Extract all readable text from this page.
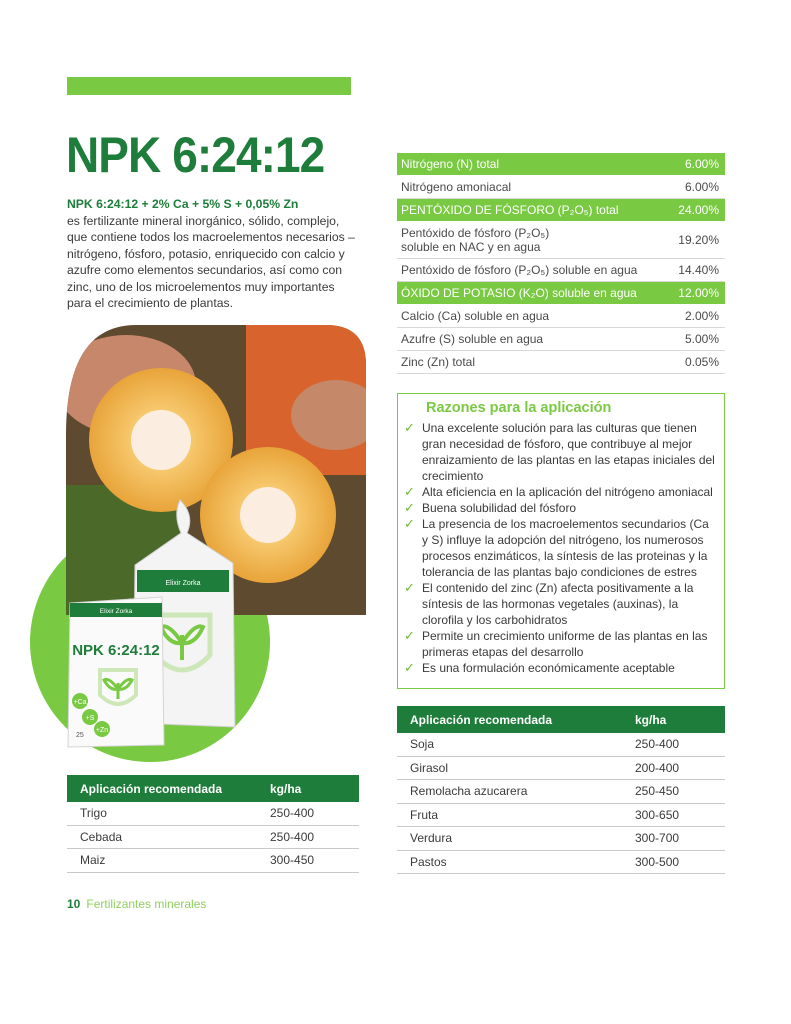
NPK 6:24:12
NPK 6:24:12 + 2% Ca + 5% S + 0,05% Zn
es fertilizante mineral inorgánico, sólido, complejo, que contiene todos los macroelementos necesarios – nitrógeno, fósforo, potasio, enriquecido con calcio y azufre como elementos secundarios, así como con zinc, uno de los microelementos muy importantes para el crecimiento de plantas.
Elixir Zorka
Elixir Zorka
NPK 6:24:12
+Ca
+S
+Zn
25
Nitrógeno (N) total	6.00%
Nitrógeno amoniacal	6.00%
PENTÓXIDO DE FÓSFORO (P₂O₅) total	24.00%
Pentóxido de fósforo (P₂O₅) soluble en NAC y en agua	19.20%
Pentóxido de fósforo (P₂O₅) soluble en agua	14.40%
ÓXIDO DE POTASIO (K₂O) soluble en agua	12.00%
Calcio (Ca) soluble en agua	2.00%
Azufre (S) soluble en agua	5.00%
Zinc (Zn) total	0.05%
Razones para la aplicación
✓ Una excelente solución para las culturas que tienen gran necesidad de fósforo, que contribuye al mejor enraizamiento de las plantas en las etapas iniciales del crecimiento
✓ Alta eficiencia en la aplicación del nitrógeno amoniacal
✓ Buena solubilidad del fósforo
✓ La presencia de los macroelementos secundarios (Ca y S) influye la adopción del nitrógeno, los numerosos procesos enzimáticos, la síntesis de las proteinas y la tolerancia de las plantas bajo condiciones de estres
✓ El contenido del zinc (Zn) afecta positivamente a la síntesis de las hormonas vegetales (auxinas), la clorofila y los carbohidratos
✓ Permite un crecimiento uniforme de las plantas en las primeras etapas del desarrollo
✓ Es una formulación económicamente aceptable
Aplicación recomendada	kg/ha
Trigo	250-400
Cebada	250-400
Maiz	300-450
Aplicación recomendada	kg/ha
Soja	250-400
Girasol	200-400
Remolacha azucarera	250-450
Fruta	300-650
Verdura	300-700
Pastos	300-500
10 Fertilizantes minerales
